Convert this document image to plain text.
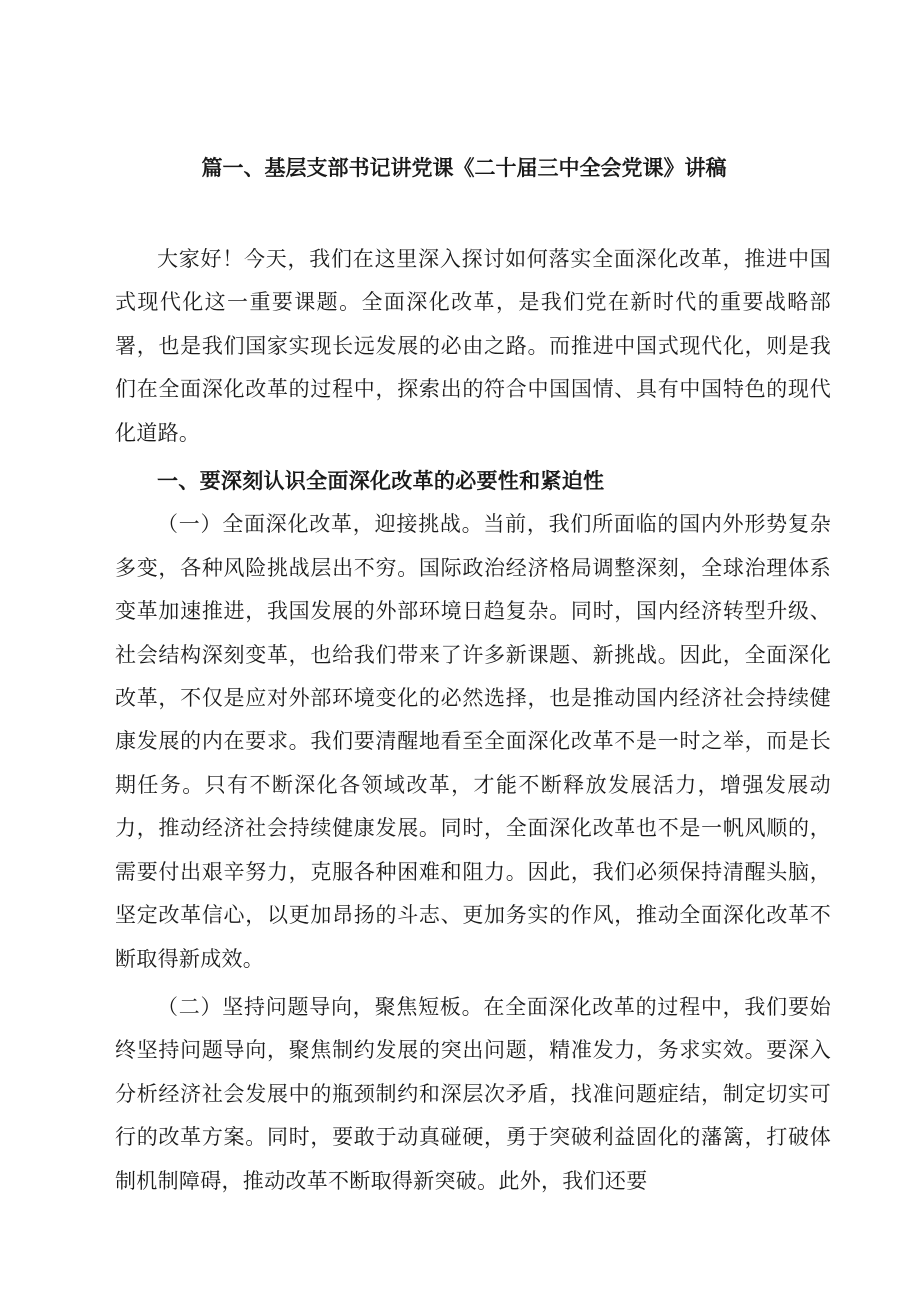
篇一、基层支部书记讲党课《二十届三中全会党课》讲稿

大家好！今天，我们在这里深入探讨如何落实全面深化改革，推进中国式现代化这一重要课题。全面深化改革，是我们党在新时代的重要战略部署，也是我们国家实现长远发展的必由之路。而推进中国式现代化，则是我们在全面深化改革的过程中，探索出的符合中国国情、具有中国特色的现代化道路。

一、要深刻认识全面深化改革的必要性和紧迫性

（一）全面深化改革，迎接挑战。当前，我们所面临的国内外形势复杂多变，各种风险挑战层出不穷。国际政治经济格局调整深刻，全球治理体系变革加速推进，我国发展的外部环境日趋复杂。同时，国内经济转型升级、社会结构深刻变革，也给我们带来了许多新课题、新挑战。因此，全面深化改革，不仅是应对外部环境变化的必然选择，也是推动国内经济社会持续健康发展的内在要求。我们要清醒地看至全面深化改革不是一时之举，而是长期任务。只有不断深化各领域改革，才能不断释放发展活力，增强发展动力，推动经济社会持续健康发展。同时，全面深化改革也不是一帆风顺的，需要付出艰辛努力，克服各种困难和阻力。因此，我们必须保持清醒头脑，坚定改革信心，以更加昂扬的斗志、更加务实的作风，推动全面深化改革不断取得新成效。

（二）坚持问题导向，聚焦短板。在全面深化改革的过程中，我们要始终坚持问题导向，聚焦制约发展的突出问题，精准发力，务求实效。要深入分析经济社会发展中的瓶颈制约和深层次矛盾，找准问题症结，制定切实可行的改革方案。同时，要敢于动真碰硬，勇于突破利益固化的藩篱，打破体制机制障碍，推动改革不断取得新突破。此外，我们还要
